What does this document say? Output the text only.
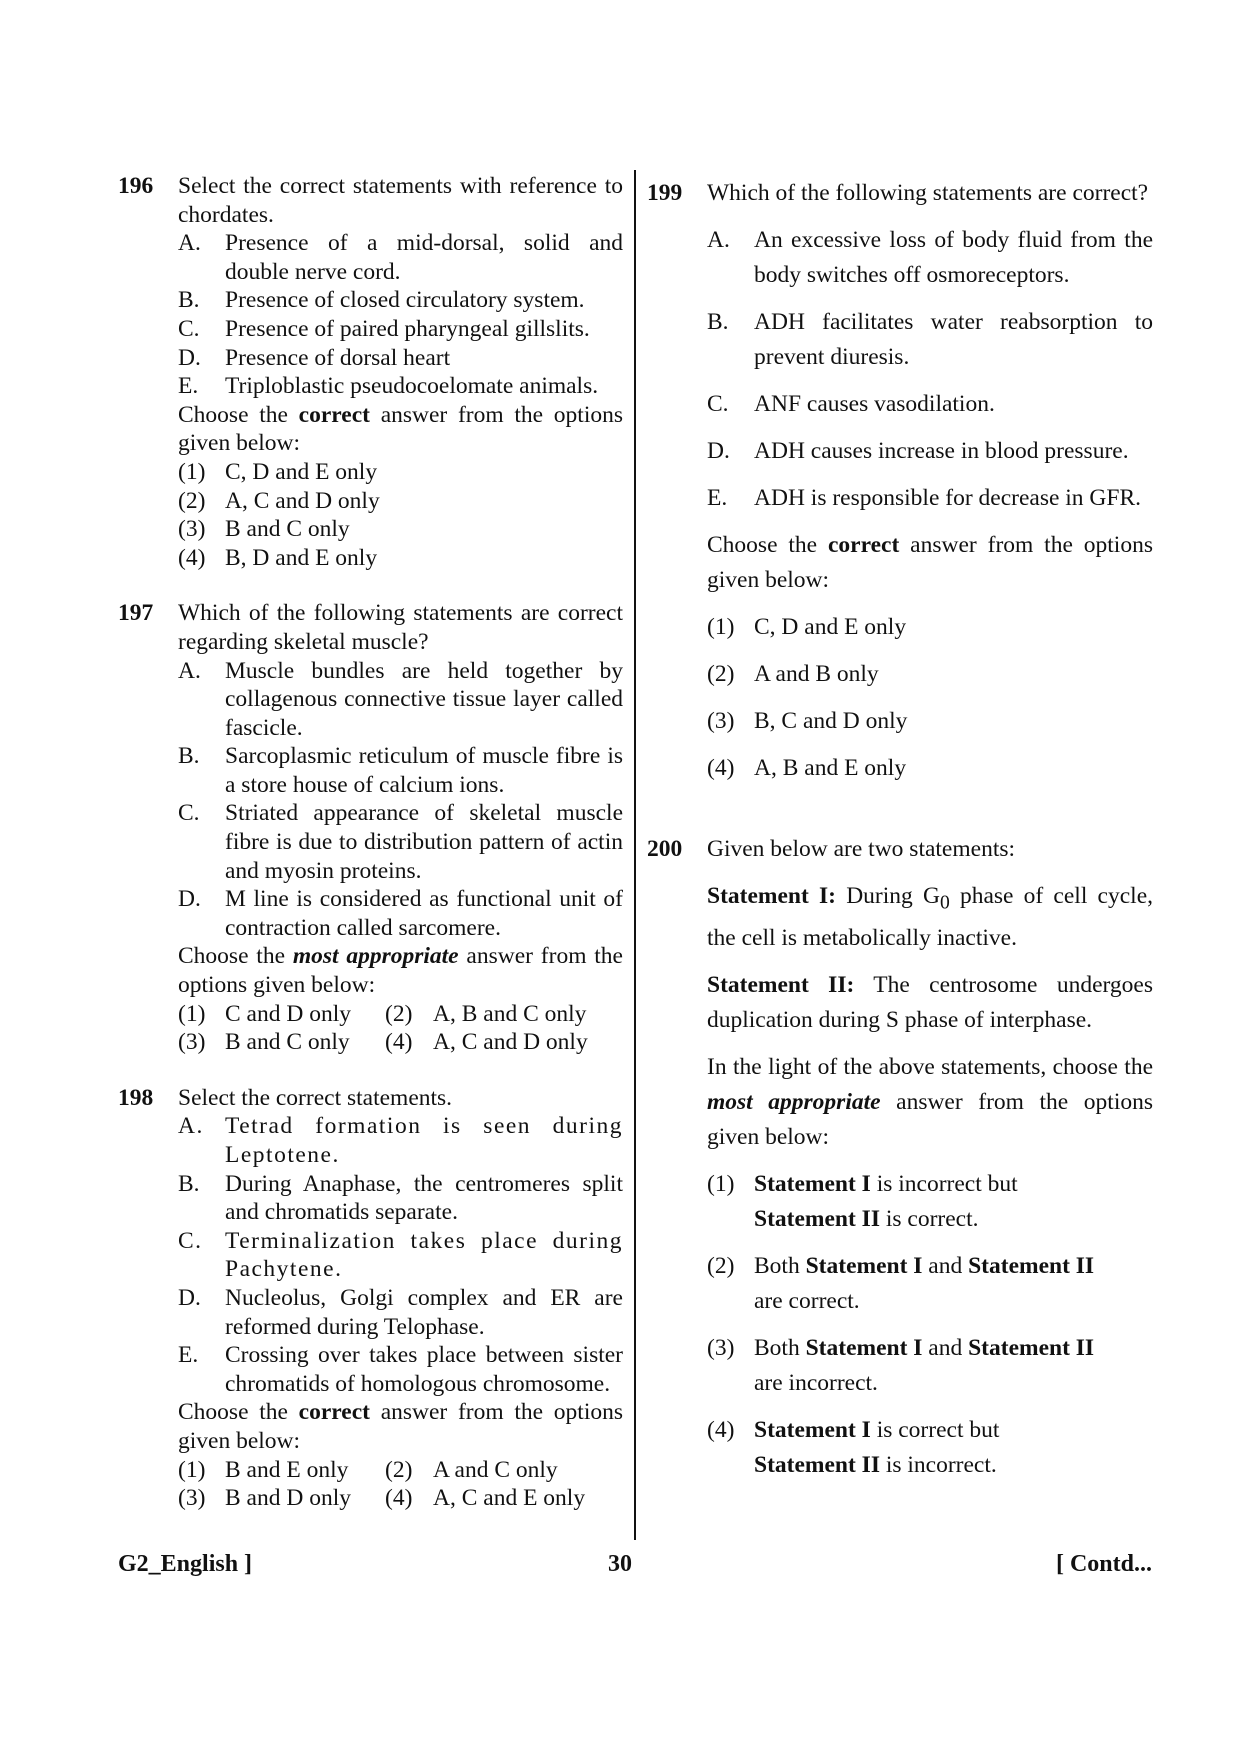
196 Select the correct statements with reference to chordates.
A. Presence of a mid-dorsal, solid and double nerve cord.
B. Presence of closed circulatory system.
C. Presence of paired pharyngeal gillslits.
D. Presence of dorsal heart
E. Triploblastic pseudocoelomate animals.
Choose the correct answer from the options given below:
(1) C, D and E only
(2) A, C and D only
(3) B and C only
(4) B, D and E only
197 Which of the following statements are correct regarding skeletal muscle?
A. Muscle bundles are held together by collagenous connective tissue layer called fascicle.
B. Sarcoplasmic reticulum of muscle fibre is a store house of calcium ions.
C. Striated appearance of skeletal muscle fibre is due to distribution pattern of actin and myosin proteins.
D. M line is considered as functional unit of contraction called sarcomere.
Choose the most appropriate answer from the options given below:
(1) C and D only	(2) A, B and C only
(3) B and C only	(4) A, C and D only
198 Select the correct statements.
A. Tetrad formation is seen during Leptotene.
B. During Anaphase, the centromeres split and chromatids separate.
C. Terminalization takes place during Pachytene.
D. Nucleolus, Golgi complex and ER are reformed during Telophase.
E. Crossing over takes place between sister chromatids of homologous chromosome.
Choose the correct answer from the options given below:
(1) B and E only	(2) A and C only
(3) B and D only	(4) A, C and E only
199 Which of the following statements are correct?
A. An excessive loss of body fluid from the body switches off osmoreceptors.
B. ADH facilitates water reabsorption to prevent diuresis.
C. ANF causes vasodilation.
D. ADH causes increase in blood pressure.
E. ADH is responsible for decrease in GFR.
Choose the correct answer from the options given below:
(1) C, D and E only
(2) A and B only
(3) B, C and D only
(4) A, B and E only
200 Given below are two statements:
Statement I: During $G_0$ phase of cell cycle, the cell is metabolically inactive.
Statement II: The centrosome undergoes duplication during S phase of interphase.
In the light of the above statements, choose the most appropriate answer from the options given below:
(1) Statement I is incorrect but
Statement II is correct.
(2) Both Statement I and Statement II
are correct.
(3) Both Statement I and Statement II
are incorrect.
(4) Statement I is correct but
Statement II is incorrect.
G2_English ]	30	[ Contd...
